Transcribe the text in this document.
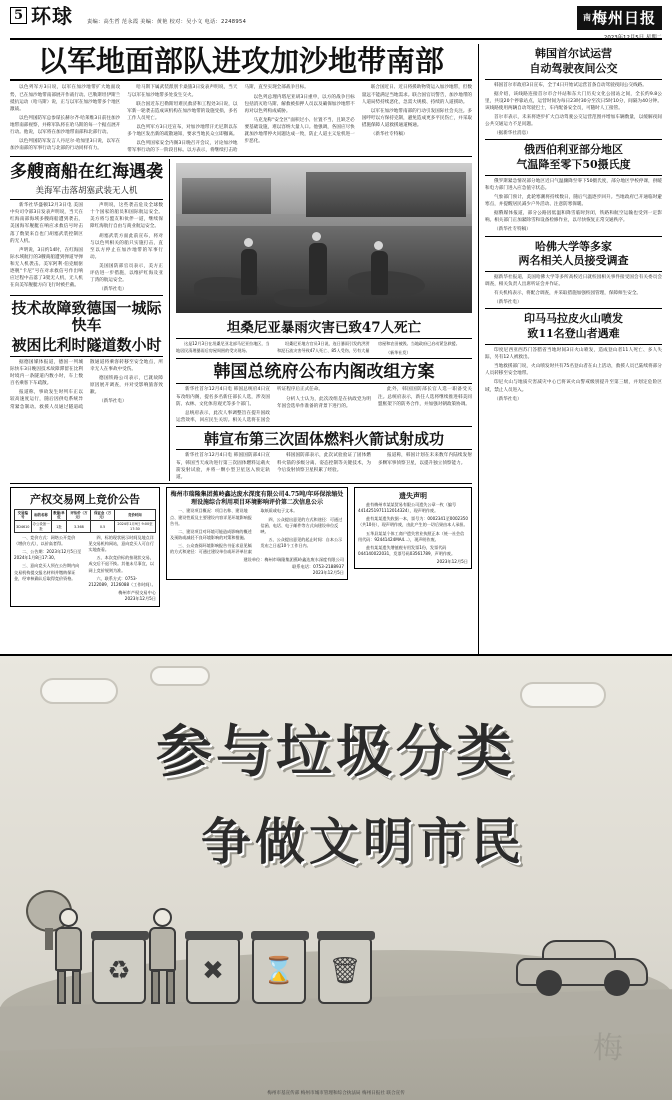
5 环球	责编：高生哲 范永霞 美编：黄艳 校对：吴小文 电话：2248954	$^南$梅州日报
2023年12月5日 星期二
以军地面部队进攻加沙地带南部

以色列军方3日说，以军在加沙地带扩大地面攻势，已在加沙地带南部展开作战行动。巴勒斯坦伊斯兰抵抗运动（哈马斯）说，正与以军在加沙地带多个地区激战。

以色列国防军总参谋长赫尔齐·哈莱维3日前往加沙地带南部视察，并称军队将在哈马斯的每一个据点展开行动。他说，以军将在加沙地带南部和北部行动。

以色列国防军发言人丹尼尔·哈加里3日说，以军在加沙南部的军事行动与北部的行动同样有力。

哈马斯下属武装派别卡桑旅3日发表声明说，当天与以军在加沙地带多处发生交火。

联合国近东巴勒斯坦难民救济和工程处3日说，以军新一轮袭击造成该机构在加沙地带的设施受损，多名工作人员死亡。

以色列军方3日还宣布，对加沙地带汗尤尼斯以东多个地区发出新的疏散通知，要求当地民众立即撤离。

以色列国家安全内阁3日晚召开会议，讨论加沙地带军事行动的下一阶段目标。以方表示，将继续打击哈马斯，直至实现全部战争目标。

以色列总理内塔尼亚胡3日重申，以方的战争目标包括消灭哈马斯、解救被扣押人员以及确保加沙地带不再对以色列构成威胁。

马克龙称“安全区”面积过小、位置不当，且缺乏必要基础设施，难以容纳大量人口。他强调，各国应尽快就加沙地带停火问题达成一致，防止人道主义危机进一步恶化。

联合国近日、近日将援助物资运入加沙地带，但数量远不能满足当地需求。联合国官员警告，加沙地带的人道局势持续恶化，急需大规模、持续的人道援助。

以军在加沙地带南部的行动引发国际社会关注。多国呼吁以方保持克制，避免造成更多平民伤亡，并采取措施保障人道救援通道畅通。

（新华社专特稿）

多艘商船在红海遇袭
美海军击落胡塞武装无人机

新华社华盛顿12月3日电 美国中央司令部3日发表声明说，当天在红海南部海域多艘商船遭到袭击，美国海军舰艇在响应求救信号时击落了数架来自也门胡塞武装控制区的无人机。

声明说，3日约14时，在红海国际水域航行的3艘商船遭到弹道导弹和无人机袭击。美军阿利·伯克级驱逐舰“卡尼”号在对求救信号作出响应过程中击落了3架无人机，无人机在向美军舰艇方向飞行时被拦截。

声明说，这些袭击危及全球数十个国家的船员和国际航运安全。美方将与盟友和伙伴一道，继续保障红海航行自由与商业航运安全。

胡塞武装方面此前宣布，将对与以色列相关的船只实施打击，直至以方停止在加沙地带的军事行动。

美国国防部官员表示，美方正评估进一步措施，以维护红海及亚丁湾的航运安全。

（新华社电）

技术故障致德国一城际快车
被困比利时隧道数小时

据德国媒体报道，德国一列城际快车3日晚因技术故障滞留在比利时境内一条隧道内数小时，车上数百名乘客下车疏散。

报道称，事故发生时列车正以较高速度运行，随后因供电系统异常紧急制动。救援人员通过隧道疏散通道将乘客转移至安全地点，所幸无人在事故中受伤。

德国铁路公司表示，已就故障原因展开调查，并对受影响旅客致歉。

（新华社电）

坦桑尼亚暴雨灾害已致47人死亡

这是12月3日在坦桑尼亚北部马尼亚拉地区，当地居民清理暴雨后房屋周围的受灾现场。

坦桑尼亚地方官员3日说，连日暴雨引发的洪涝和泥石流灾害导致47人死亡、85人受伤，另有大量房屋和农田被毁。当地政府已启动紧急救援。

（新华社发）

韩国总统府公布内阁改组方案

新华社首尔12月4日电 韩国总统府4日宣布改组内阁，提名多名新任部长人选，涉及国防、农林、文化体育观光等多个部门。

总统府表示，此次人事调整旨在提升国政运营效率，回应民生关切。相关人选将在国会听证程序后正式任命。

分析人士认为，此次改组是在执政党为明年国会选举作准备的背景下进行的。

此外，韩国国防部长官人选一职备受关注。总统府表示，新任人选将继续推进韩美同盟框架下的防务合作，并加强对朝政策协调。

韩宣布第三次固体燃料火箭试射成功

新华社首尔12月4日电 韩国国防部4日宣布，韩国当天成功进行第三次固体燃料运载火箭发射试验，并将一颗小型卫星送入预定轨道。

韩国国防部表示，此次试验验证了固体燃料火箭的多级分离、姿态控制等关键技术，为今后发射侦察卫星积累了经验。

报道称，韩国计划在未来数年内陆续发射多颗军事侦察卫星，以提升独立侦察能力。

产权交易网上竞价公告
交易编号	标的名称	数量/单位	评估价（万元）	保证金（万元）	竞价时间
3D4610	办公设备一批	1批	3.368	0.5	2024年1月9日 9:00至17:30

一、竞价方式：网络公开竞价（增价方式），以价高者得。

二、公告期：2023年12月5日至2024年1月8日17:30。

三、意向竞买人须在公告期内向交易机构提交报名材料并缴纳保证金，经审核确认后取得竞价资格。

四、标的现状展示时间及地点详见交易机构网站，意向竞买人可自行实地查看。

五、本次竞价标的按现状交易，成交后不退不换。其他未尽事宜，以网上竞价规则为准。

六、联系方式：0753-2122089、2126088（工作时间）。

梅州市产权交易中心
2023年12月5日
梅州市瑞隆集团蕉岭鑫达废水深度有限公司4.75吨/年环保浓缩处理设施综合利用项目环境影响评价第二次信息公示

一、建设项目概况：项目名称、建设地点、建设性质及主要建设内容详见环境影响报告书。

二、建设项目对环境可能造成影响的概述及预防或减轻不良环境影响的对策和措施。

三、公众查阅环境影响报告书征求意见稿的方式和途径：可通过建设单位或环评单位索取纸质或电子文本。

四、公众提出意见的方式和途径：可通过信函、电话、电子邮件等方式向建设单位反映。

五、公众提出意见的起止时间：自本公示发布之日起10个工作日内。

建设单位：梅州市瑞隆集团蕉岭鑫达废水深度有限公司
联系电话：0753-2188937
2023年12月5日
遗失声明

兹有梅州市某某贸易有限公司遗失公章一枚（编号4414251971112014324），现声明作废。

兹有某某遗失收据一本，票号为：0002341至0002350（共10份），现声明作废，由此产生的一切后果由本人承担。

五华县某某个体工商户遗失营业执照正本（统一社会信用代码：92441424MA4...），现声明作废。

兹有某某遗失增值税专用发票1份，发票代码044140022031，发票号码03561789，声明作废。

2023年12月5日
韩国首尔试运营
自动驾驶夜间公交

韩国首尔市政府3日宣布，全于4日开始试运营首条自动驾驶夜间公交线路。

据介绍，该线路连接首尔市合井站和东大门历史文化公园站之间，全长约9.8公里，共设20个停靠站点，运营时间为每日23时30分至次日5时10分，间隔为40分钟。该线路使用两辆自动驾驶巴士，车内配备安全员，可随时人工接管。

首尔市表示，未来将逐步扩大自动驾驶公交运营范围并增加车辆数量，以缓解夜间公共交通运力不足问题。

（据新华社消息）

俄西伯利亚部分地区
气温降至零下50摄氏度

俄罗斯紧急情况部分地区近日气温骤降至零下50摄氏度，部分地区学校停课，供暖和电力部门进入应急值守状态。

气象部门预计，此轮寒潮将持续数日，随后气温逐步回升。当地政府已开通临时避寒点，并提醒居民减少户外活动、注意防寒保暖。

据俄媒体报道，部分公路因低温和降雪临时封闭，铁路和航空运输也受到一定影响。相关部门正加紧除雪和设备检修作业，以尽快恢复正常交通秩序。

（新华社专特稿）

哈佛大学等多家
两名相关人员接受调查

据新华社报道，美国哈佛大学等多所高校近日就校园相关事件接受国会有关委员会调查，相关负责人出席听证会并作证。

有关机构表示，将配合调查，并采取措施加强校园管理，保障师生安全。

（新华社电）

印马马拉皮火山喷发
致11名登山者遇难

印度尼西亚西苏门答腊省当地时间3日火山喷发，造成登山者11人死亡、多人失踪，另有12人被救出。

当地救援部门说，火山喷发时共有75名登山者在山上活动，救援人员已陆续将部分人员转移至安全地带。

印尼火山与地质灾害减灾中心已将该火山警戒级别提升至第三级，并划定危险区域，禁止人员进入。

（新华社电）

参与垃圾分类
争做文明市民
♻	✖ ⌛ 🗑
梅
梅州市基宣传部 梅州市城市管理和综合执法局 梅州日报社 联合宣传
